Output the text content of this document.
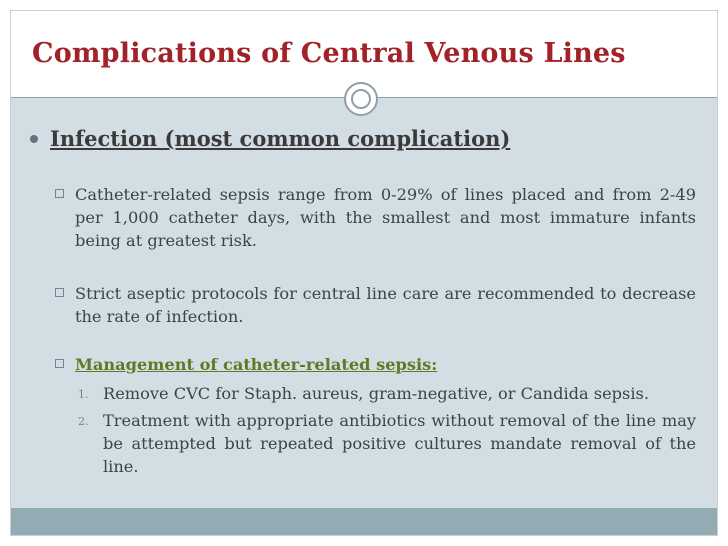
Complications of Central Venous Lines
Infection (most common complication)
Catheter-related sepsis range from 0-29% of lines placed and from 2-49 per 1,000 catheter days, with the smallest and most immature infants being at greatest risk.
Strict aseptic protocols for central line care are recommended to decrease the rate of infection.
Management of catheter-related sepsis:
1. Remove CVC for Staph. aureus, gram-negative, or Candida sepsis.
2. Treatment with appropriate antibiotics without removal of the line may be attempted but repeated positive cultures mandate removal of the line.
